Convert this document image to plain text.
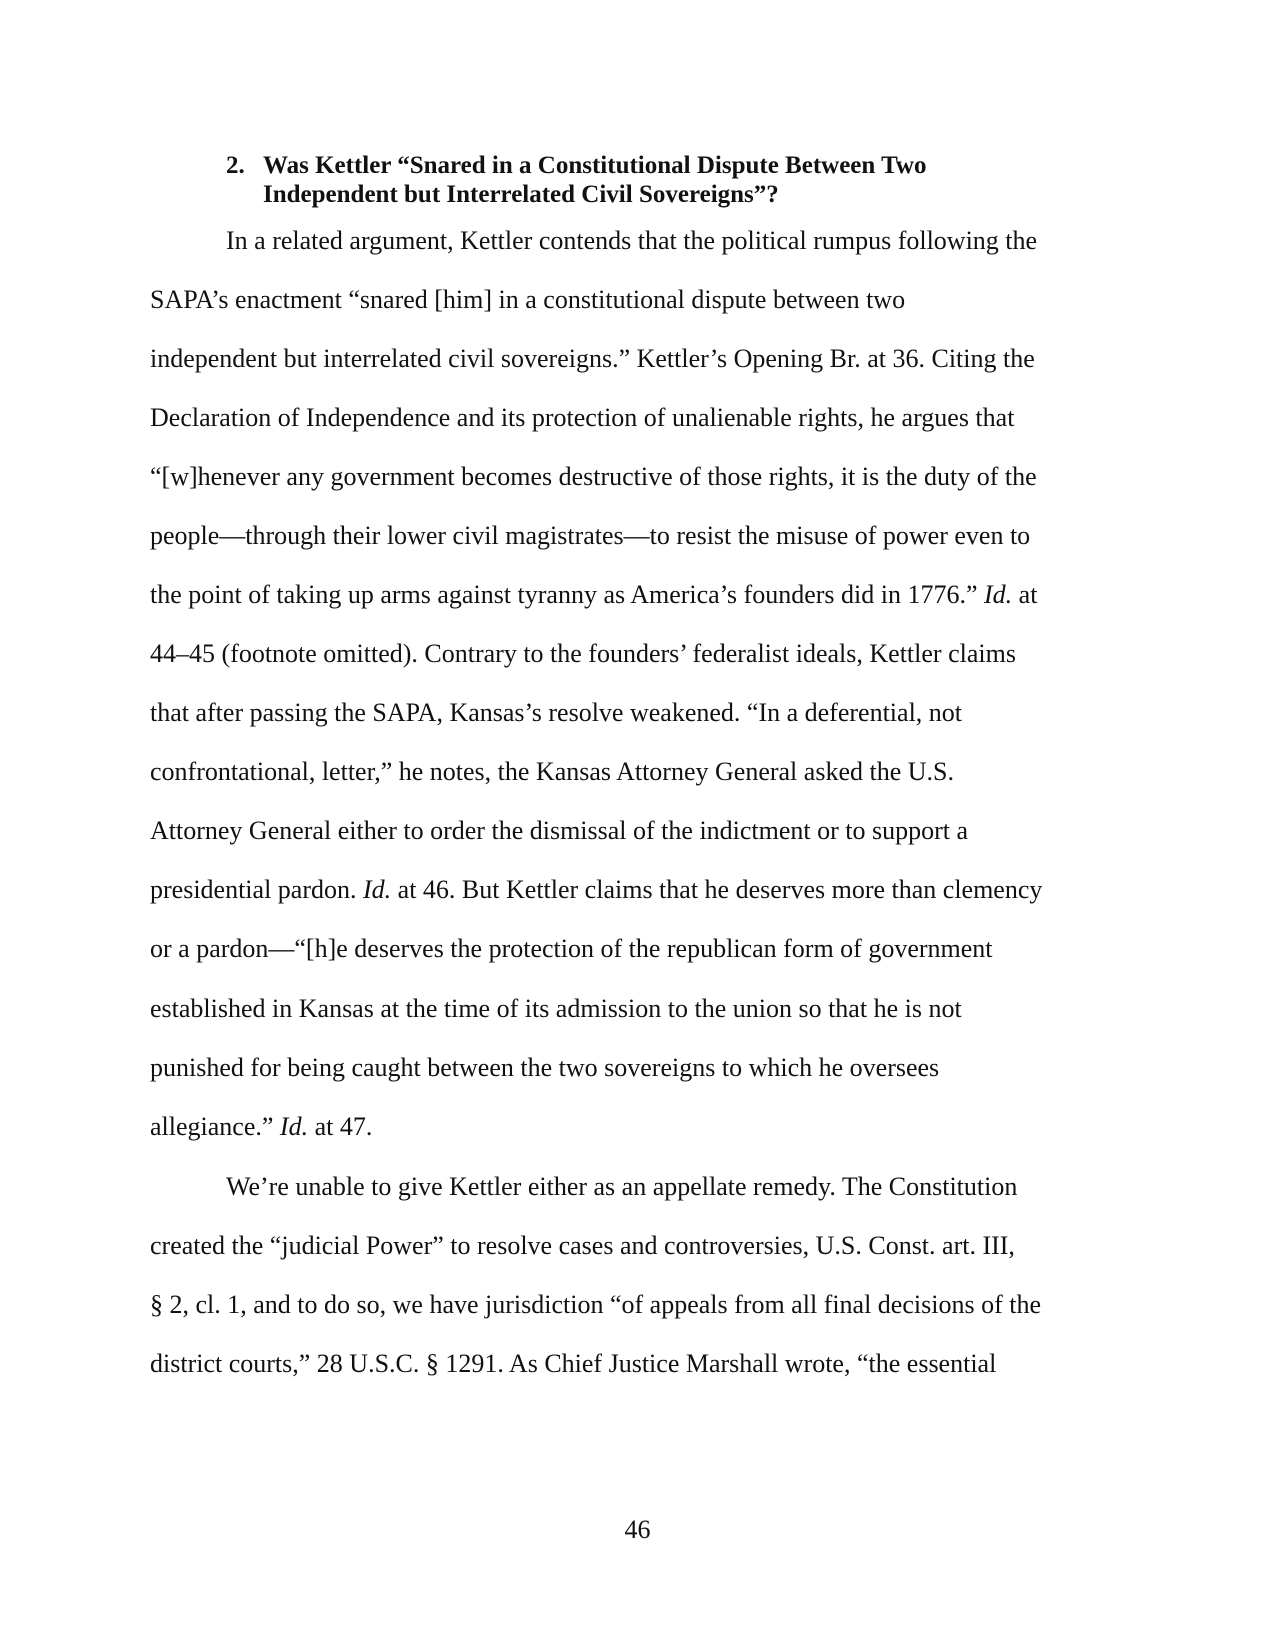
2. Was Kettler “Snared in a Constitutional Dispute Between Two
Independent but Interrelated Civil Sovereigns”?
In a related argument, Kettler contends that the political rumpus following the
SAPA’s enactment “snared [him] in a constitutional dispute between two
independent but interrelated civil sovereigns.” Kettler’s Opening Br. at 36. Citing the
Declaration of Independence and its protection of unalienable rights, he argues that
“[w]henever any government becomes destructive of those rights, it is the duty of the
people—through their lower civil magistrates—to resist the misuse of power even to
the point of taking up arms against tyranny as America’s founders did in 1776.” Id. at
44–45 (footnote omitted). Contrary to the founders’ federalist ideals, Kettler claims
that after passing the SAPA, Kansas’s resolve weakened. “In a deferential, not
confrontational, letter,” he notes, the Kansas Attorney General asked the U.S.
Attorney General either to order the dismissal of the indictment or to support a
presidential pardon. Id. at 46. But Kettler claims that he deserves more than clemency
or a pardon—“[h]e deserves the protection of the republican form of government
established in Kansas at the time of its admission to the union so that he is not
punished for being caught between the two sovereigns to which he oversees
allegiance.” Id. at 47.
We’re unable to give Kettler either as an appellate remedy. The Constitution
created the “judicial Power” to resolve cases and controversies, U.S. Const. art. III,
§ 2, cl. 1, and to do so, we have jurisdiction “of appeals from all final decisions of the
district courts,” 28 U.S.C. § 1291. As Chief Justice Marshall wrote, “the essential
46
